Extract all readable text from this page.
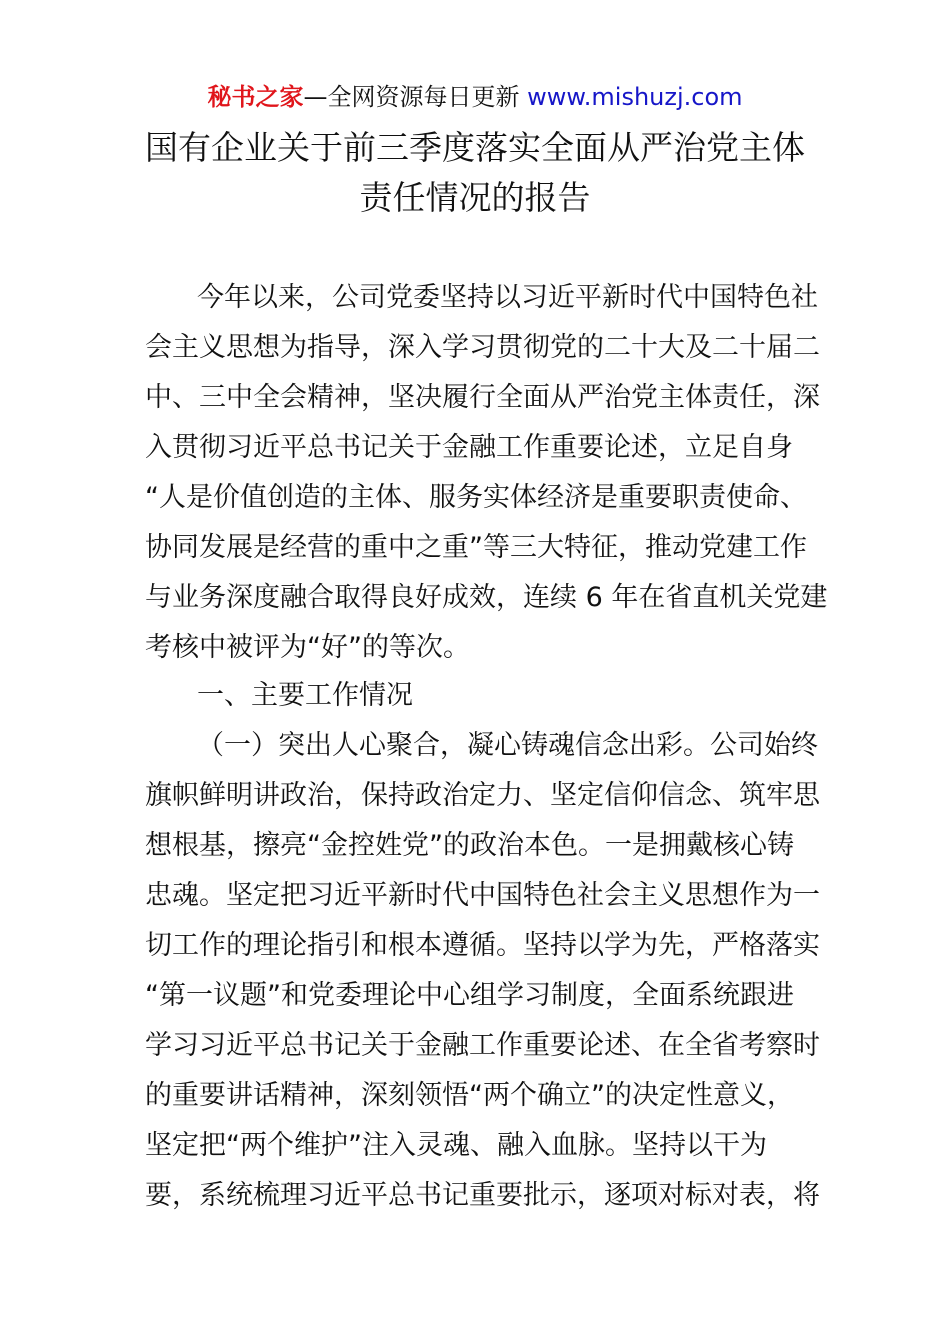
秘书之家—全网资源每日更新 www.mishuzj.com
国有企业关于前三季度落实全面从严治党主体
责任情况的报告
今年以来，公司党委坚持以习近平新时代中国特色社
会主义思想为指导，深入学习贯彻党的二十大及二十届二
中、三中全会精神，坚决履行全面从严治党主体责任，深
入贯彻习近平总书记关于金融工作重要论述，立足自身
“人是价值创造的主体、服务实体经济是重要职责使命、
协同发展是经营的重中之重”等三大特征，推动党建工作
与业务深度融合取得良好成效，连续 6 年在省直机关党建
考核中被评为“好”的等次。
一、主要工作情况
（一）突出人心聚合，凝心铸魂信念出彩。公司始终
旗帜鲜明讲政治，保持政治定力、坚定信仰信念、筑牢思
想根基，擦亮“金控姓党”的政治本色。一是拥戴核心铸
忠魂。坚定把习近平新时代中国特色社会主义思想作为一
切工作的理论指引和根本遵循。坚持以学为先，严格落实
“第一议题”和党委理论中心组学习制度，全面系统跟进
学习习近平总书记关于金融工作重要论述、在全省考察时
的重要讲话精神，深刻领悟“两个确立”的决定性意义，
坚定把“两个维护”注入灵魂、融入血脉。坚持以干为
要，系统梳理习近平总书记重要批示，逐项对标对表，将
